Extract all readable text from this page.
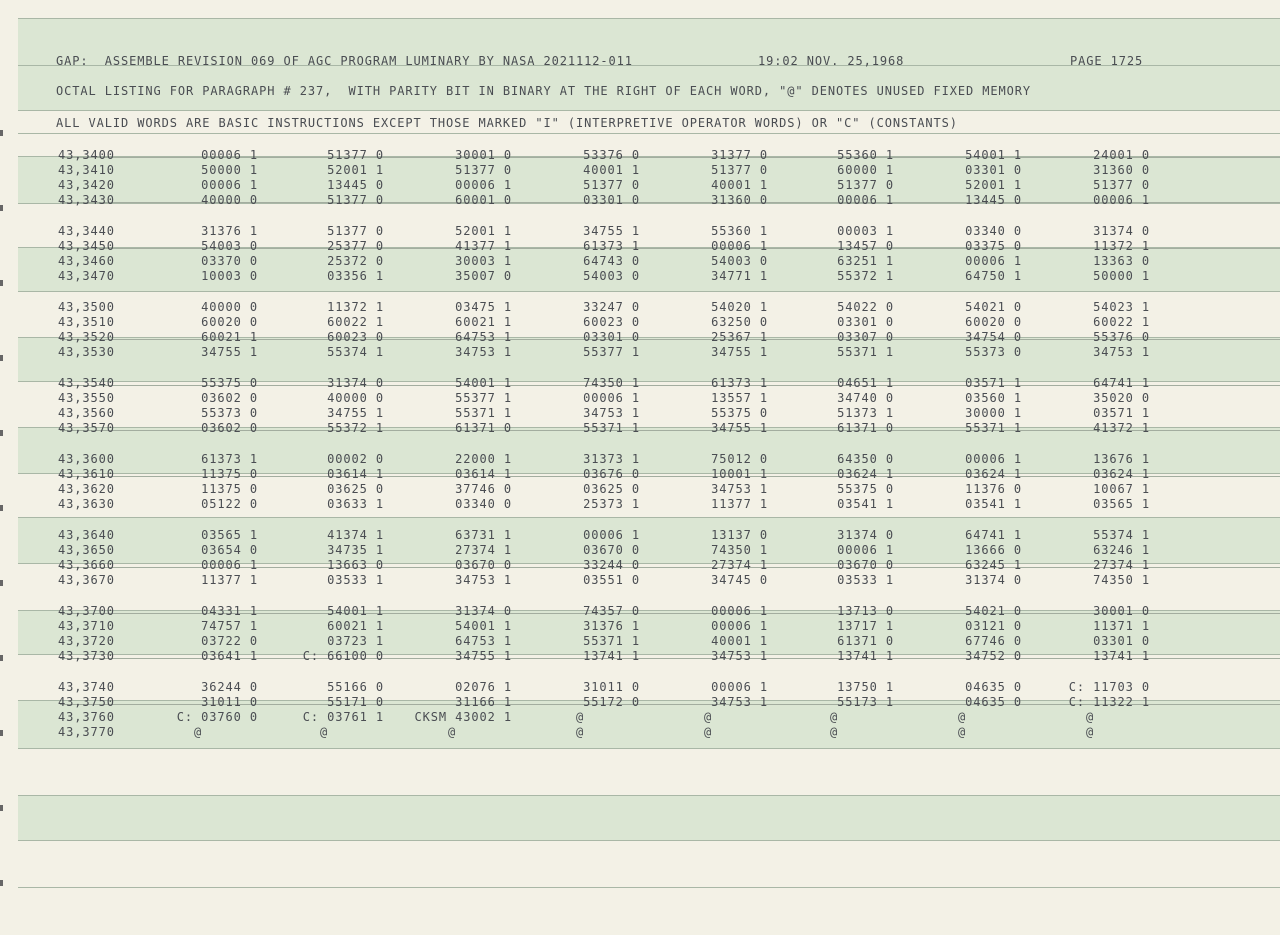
GAP:  ASSEMBLE REVISION 069 OF AGC PROGRAM LUMINARY BY NASA 2021112-011	19:02 NOV. 25,1968	PAGE 1725
OCTAL LISTING FOR PARAGRAPH # 237,  WITH PARITY BIT IN BINARY AT THE RIGHT OF EACH WORD, "@" DENOTES UNUSED FIXED MEMORY
ALL VALID WORDS ARE BASIC INSTRUCTIONS EXCEPT THOSE MARKED "I" (INTERPRETIVE OPERATOR WORDS) OR "C" (CONSTANTS)
43,3400	00006 1	51377 0	30001 0	53376 0	31377 0	55360 1	54001 1	24001 0
43,3410	50000 1	52001 1	51377 0	40001 1	51377 0	60000 1	03301 0	31360 0
43,3420	00006 1	13445 0	00006 1	51377 0	40001 1	51377 0	52001 1	51377 0
43,3430	40000 0	51377 0	60001 0	03301 0	31360 0	00006 1	13445 0	00006 1
43,3440	31376 1	51377 0	52001 1	34755 1	55360 1	00003 1	03340 0	31374 0
43,3450	54003 0	25377 0	41377 1	61373 1	00006 1	13457 0	03375 0	11372 1
43,3460	03370 0	25372 0	30003 1	64743 0	54003 0	63251 1	00006 1	13363 0
43,3470	10003 0	03356 1	35007 0	54003 0	34771 1	55372 1	64750 1	50000 1
43,3500	40000 0	11372 1	03475 1	33247 0	54020 1	54022 0	54021 0	54023 1
43,3510	60020 0	60022 1	60021 1	60023 0	63250 0	03301 0	60020 0	60022 1
43,3520	60021 1	60023 0	64753 1	03301 0	25367 1	03307 0	34754 0	55376 0
43,3530	34755 1	55374 1	34753 1	55377 1	34755 1	55371 1	55373 0	34753 1
43,3540	55375 0	31374 0	54001 1	74350 1	61373 1	04651 1	03571 1	64741 1
43,3550	03602 0	40000 0	55377 1	00006 1	13557 1	34740 0	03560 1	35020 0
43,3560	55373 0	34755 1	55371 1	34753 1	55375 0	51373 1	30000 1	03571 1
43,3570	03602 0	55372 1	61371 0	55371 1	34755 1	61371 0	55371 1	41372 1
43,3600	61373 1	00002 0	22000 1	31373 1	75012 0	64350 0	00006 1	13676 1
43,3610	11375 0	03614 1	03614 1	03676 0	10001 1	03624 1	03624 1	03624 1
43,3620	11375 0	03625 0	37746 0	03625 0	34753 1	55375 0	11376 0	10067 1
43,3630	05122 0	03633 1	03340 0	25373 1	11377 1	03541 1	03541 1	03565 1
43,3640	03565 1	41374 1	63731 1	00006 1	13137 0	31374 0	64741 1	55374 1
43,3650	03654 0	34735 1	27374 1	03670 0	74350 1	00006 1	13666 0	63246 1
43,3660	00006 1	13663 0	03670 0	33244 0	27374 1	03670 0	63245 1	27374 1
43,3670	11377 1	03533 1	34753 1	03551 0	34745 0	03533 1	31374 0	74350 1
43,3700	04331 1	54001 1	31374 0	74357 0	00006 1	13713 0	54021 0	30001 0
43,3710	74757 1	60021 1	54001 1	31376 1	00006 1	13717 1	03121 0	11371 1
43,3720	03722 0	03723 1	64753 1	55371 1	40001 1	61371 0	67746 0	03301 0
43,3730	03641 1	C: 66100 0	34755 1	13741 1	34753 1	13741 1	34752 0	13741 1
43,3740	36244 0	55166 0	02076 1	31011 0	00006 1	13750 1	04635 0	C: 11703 0
43,3750	31011 0	55171 0	31166 1	55172 0	34753 1	55173 1	04635 0	C: 11322 1
43,3760	C: 03760 0	C: 03761 1	CKSM 43002 1	@	@	@	@	@
43,3770	@	@	@	@	@	@	@	@
